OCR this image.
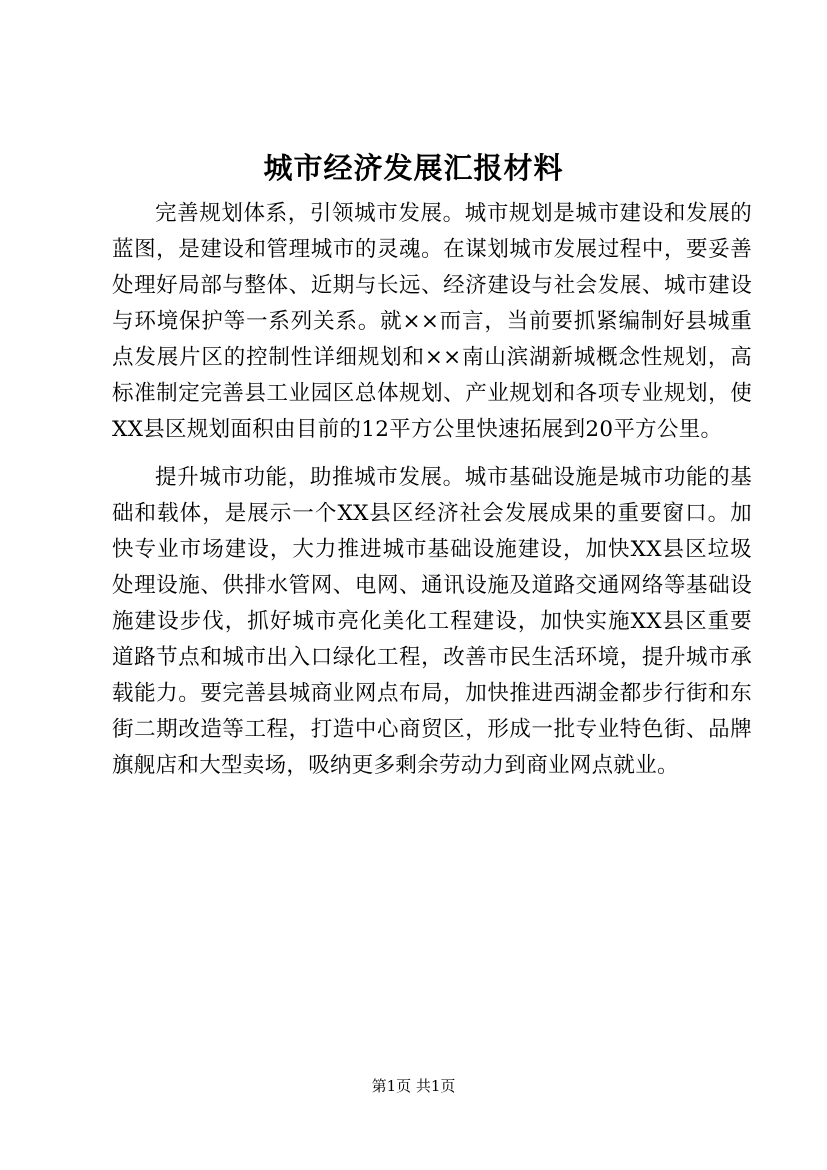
城市经济发展汇报材料

完善规划体系，引领城市发展。城市规划是城市建设和发展的蓝图，是建设和管理城市的灵魂。在谋划城市发展过程中，要妥善处理好局部与整体、近期与长远、经济建设与社会发展、城市建设与环境保护等一系列关系。就××而言，当前要抓紧编制好县城重点发展片区的控制性详细规划和××南山滨湖新城概念性规划，高标准制定完善县工业园区总体规划、产业规划和各项专业规划，使XX县区规划面积由目前的12平方公里快速拓展到20平方公里。

提升城市功能，助推城市发展。城市基础设施是城市功能的基础和载体，是展示一个XX县区经济社会发展成果的重要窗口。加快专业市场建设，大力推进城市基础设施建设，加快XX县区垃圾处理设施、供排水管网、电网、通讯设施及道路交通网络等基础设施建设步伐，抓好城市亮化美化工程建设，加快实施XX县区重要道路节点和城市出入口绿化工程，改善市民生活环境，提升城市承载能力。要完善县城商业网点布局，加快推进西湖金都步行街和东街二期改造等工程，打造中心商贸区，形成一批专业特色街、品牌旗舰店和大型卖场，吸纳更多剩余劳动力到商业网点就业。

第1页 共1页
